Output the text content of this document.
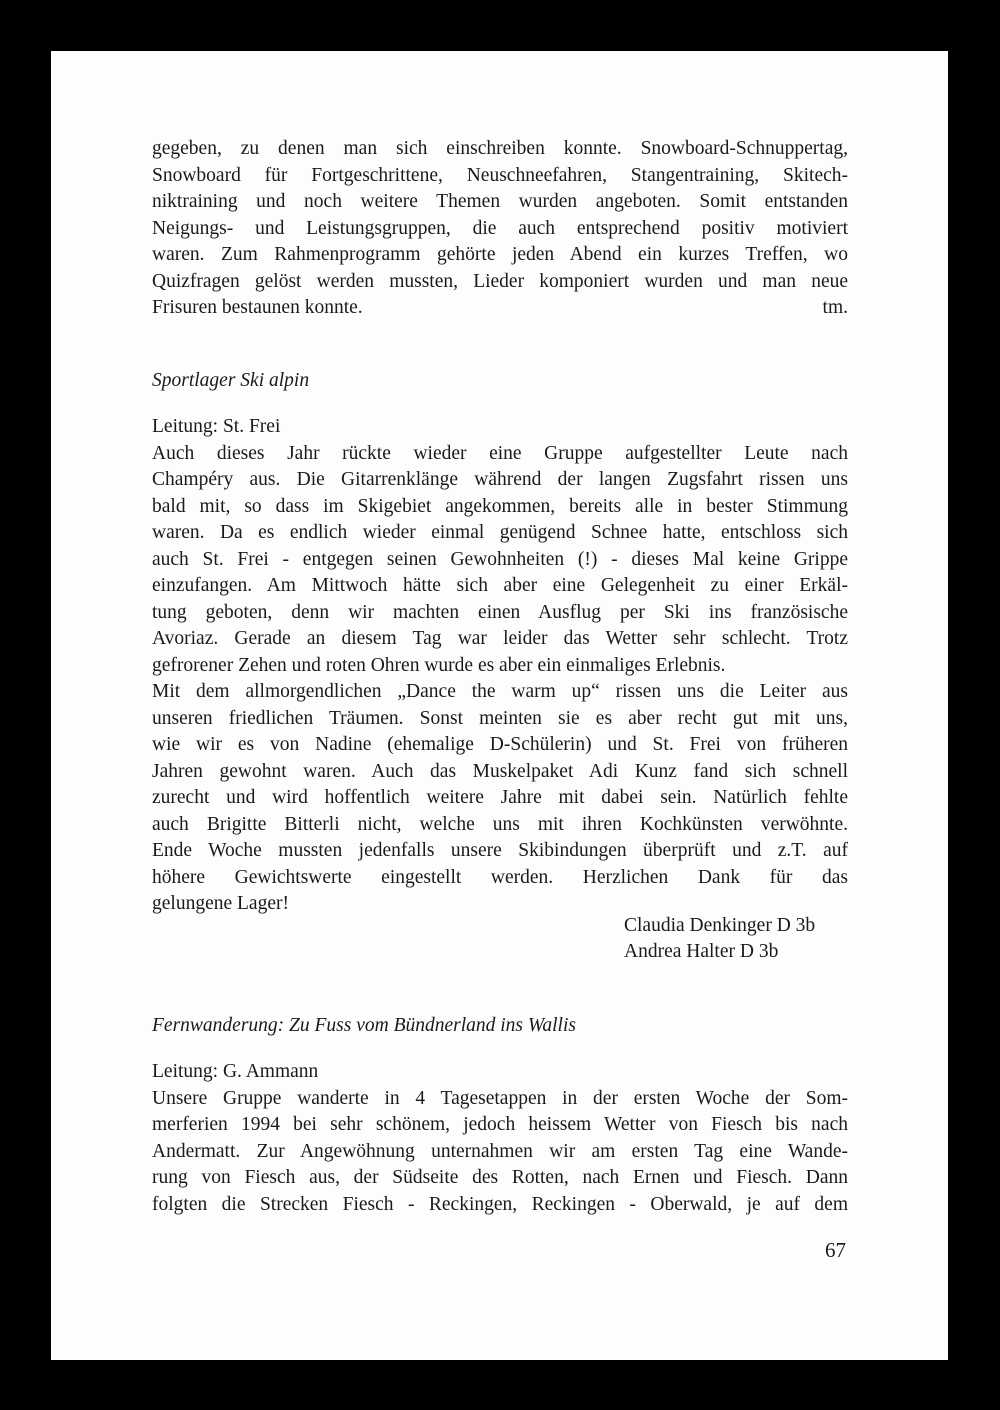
gegeben, zu denen man sich einschreiben konnte. Snowboard-Schnuppertag,
Snowboard für Fortgeschrittene, Neuschneefahren, Stangentraining, Skitech-
niktraining und noch weitere Themen wurden angeboten. Somit entstanden
Neigungs- und Leistungsgruppen, die auch entsprechend positiv motiviert
waren. Zum Rahmenprogramm gehörte jeden Abend ein kurzes Treffen, wo
Quizfragen gelöst werden mussten, Lieder komponiert wurden und man neue
Frisuren bestaunen konnte.	tm.
Sportlager Ski alpin
Leitung: St. Frei
Auch dieses Jahr rückte wieder eine Gruppe aufgestellter Leute nach
Champéry aus. Die Gitarrenklänge während der langen Zugsfahrt rissen uns
bald mit, so dass im Skigebiet angekommen, bereits alle in bester Stimmung
waren. Da es endlich wieder einmal genügend Schnee hatte, entschloss sich
auch St. Frei - entgegen seinen Gewohnheiten (!) - dieses Mal keine Grippe
einzufangen. Am Mittwoch hätte sich aber eine Gelegenheit zu einer Erkäl-
tung geboten, denn wir machten einen Ausflug per Ski ins französische
Avoriaz. Gerade an diesem Tag war leider das Wetter sehr schlecht. Trotz
gefrorener Zehen und roten Ohren wurde es aber ein einmaliges Erlebnis.
Mit dem allmorgendlichen „Dance the warm up“ rissen uns die Leiter aus
unseren friedlichen Träumen. Sonst meinten sie es aber recht gut mit uns,
wie wir es von Nadine (ehemalige D-Schülerin) und St. Frei von früheren
Jahren gewohnt waren. Auch das Muskelpaket Adi Kunz fand sich schnell
zurecht und wird hoffentlich weitere Jahre mit dabei sein. Natürlich fehlte
auch Brigitte Bitterli nicht, welche uns mit ihren Kochkünsten verwöhnte.
Ende Woche mussten jedenfalls unsere Skibindungen überprüft und z.T. auf
höhere Gewichtswerte eingestellt werden. Herzlichen Dank für das
gelungene Lager!
Claudia Denkinger D 3b
Andrea Halter D 3b
Fernwanderung: Zu Fuss vom Bündnerland ins Wallis
Leitung: G. Ammann
Unsere Gruppe wanderte in 4 Tagesetappen in der ersten Woche der Som-
merferien 1994 bei sehr schönem, jedoch heissem Wetter von Fiesch bis nach
Andermatt. Zur Angewöhnung unternahmen wir am ersten Tag eine Wande-
rung von Fiesch aus, der Südseite des Rotten, nach Ernen und Fiesch. Dann
folgten die Strecken Fiesch - Reckingen, Reckingen - Oberwald, je auf dem
67
